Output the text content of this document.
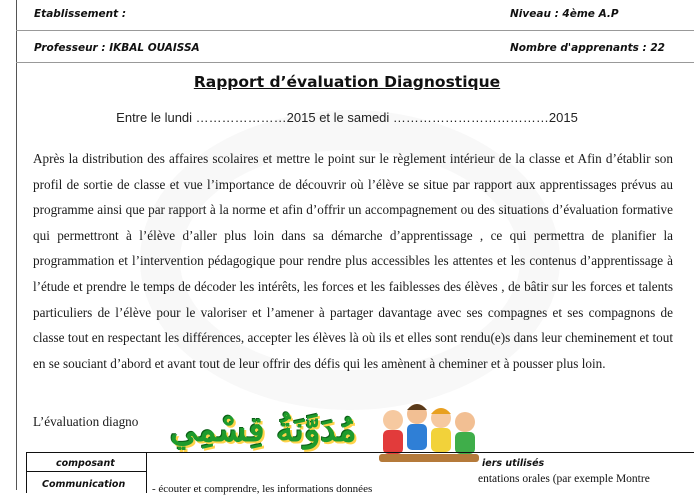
Etablissement :	Niveau : 4ème A.P
Professeur : IKBAL OUAISSA	Nombre d'apprenants : 22
Rapport d’évaluation Diagnostique
Entre le lundi …………………2015 et le samedi ………………………………2015
Après la distribution des affaires scolaires et mettre le point sur le règlement intérieur de la classe et Afin d’établir son profil de sortie de classe et vue l’importance de découvrir où l’élève se situe par rapport aux apprentissages prévus au programme ainsi que par rapport à la norme et afin d’offrir un accompagnement ou des situations d’évaluation formative qui permettront à l’élève d’aller plus loin dans sa démarche d’apprentissage , ce qui permettra de planifier la programmation et l’intervention pédagogique pour rendre plus accessibles les attentes et les contenus d’apprentissage à l’étude et prendre le temps de décoder les intérêts, les forces et les faiblesses des élèves , de bâtir sur les forces et talents particuliers de l’élève pour le valoriser et l’amener à partager davantage avec ses compagnes et ses compagnons de classe tout en respectant les différences, accepter les élèves là où ils et elles sont rendu(e)s dans leur cheminement et tout en se souciant d’abord et avant tout de leur offrir des défis qui les amènent à cheminer et à pousser plus loin.
L’évaluation diagno مُدَوَّنَةُ قِسْمِي
composant
Communication
iers utilisés
entations orales (par exemple Montre
- écouter et comprendre, les informations données
